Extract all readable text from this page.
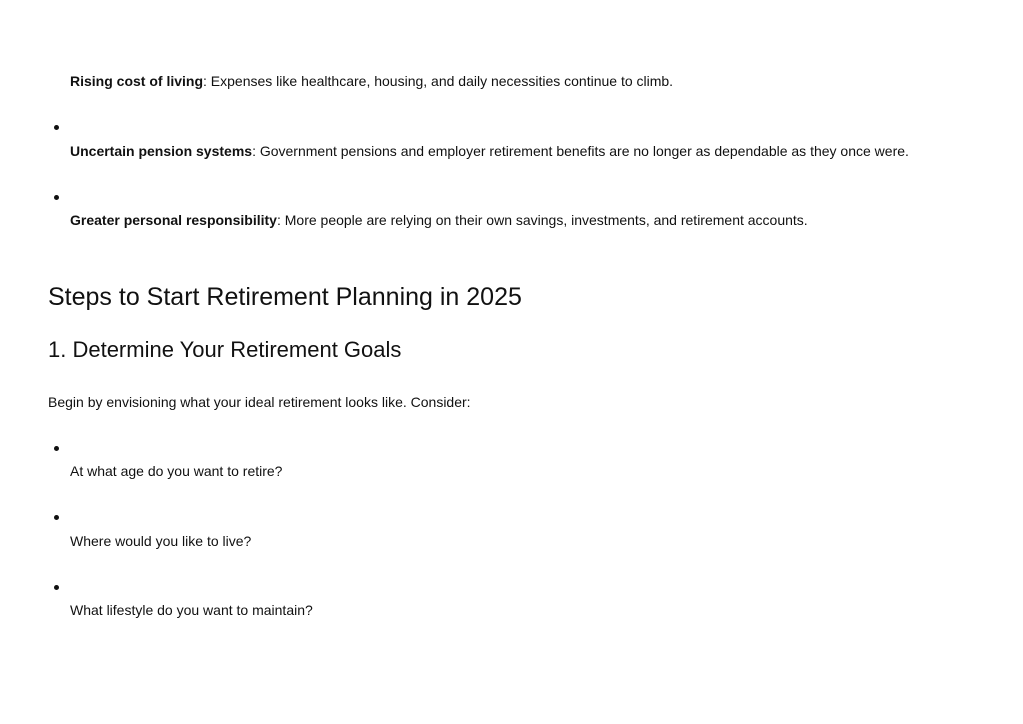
Rising cost of living: Expenses like healthcare, housing, and daily necessities continue to climb.
Uncertain pension systems: Government pensions and employer retirement benefits are no longer as dependable as they once were.
Greater personal responsibility: More people are relying on their own savings, investments, and retirement accounts.
Steps to Start Retirement Planning in 2025
1. Determine Your Retirement Goals

Begin by envisioning what your ideal retirement looks like. Consider:

At what age do you want to retire?
Where would you like to live?
What lifestyle do you want to maintain?
